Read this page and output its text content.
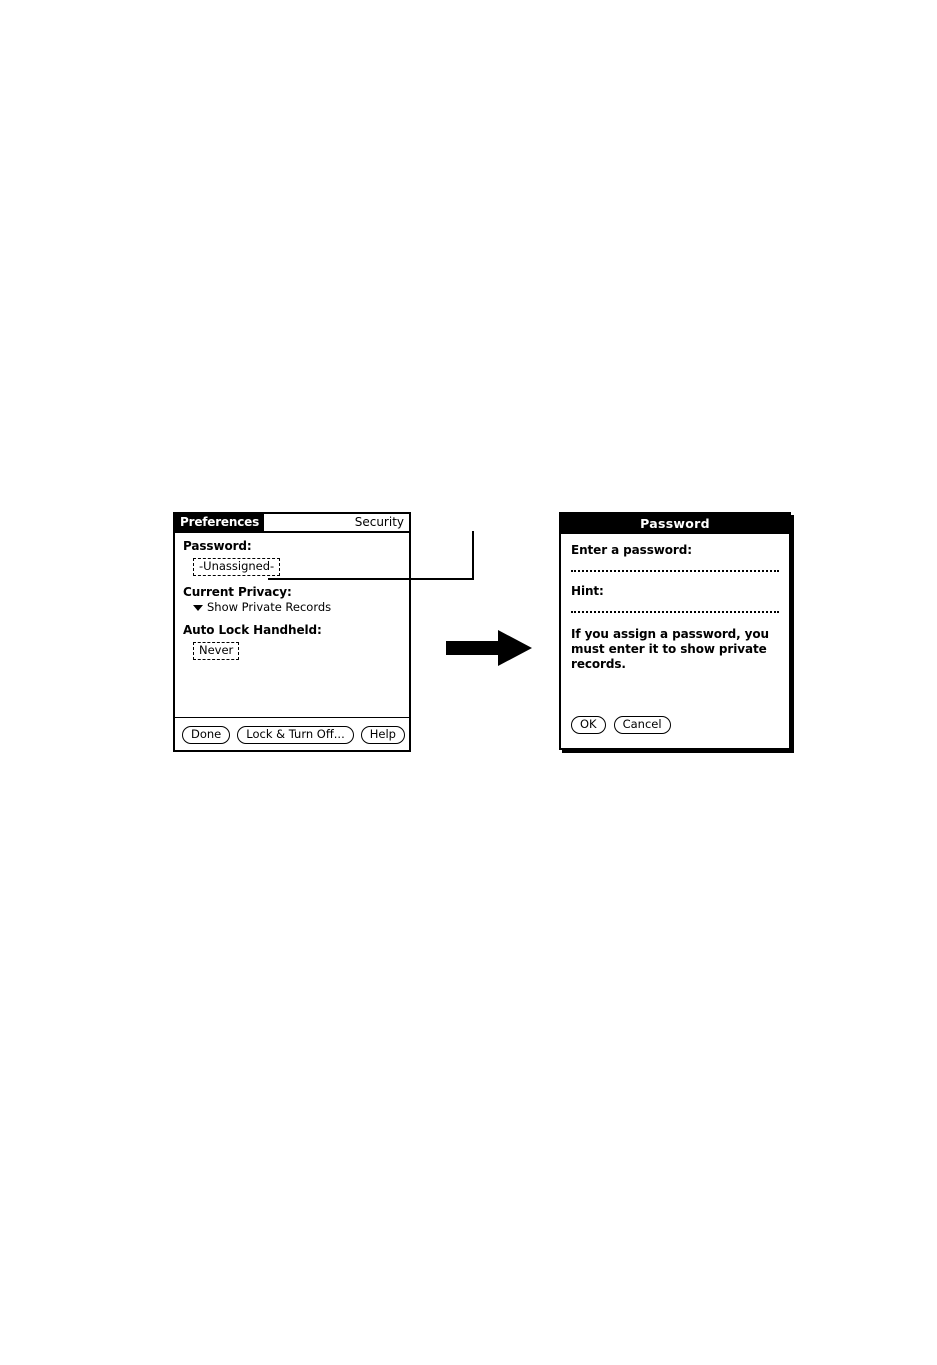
Preferences	Security
Password:
-Unassigned-
Current Privacy:
Show Private Records
Auto Lock Handheld:
Never
Done	Lock & Turn Off...	Help
Password
Enter a password:
Hint:
If you assign a password, you must enter it to show private records.
OK	Cancel
